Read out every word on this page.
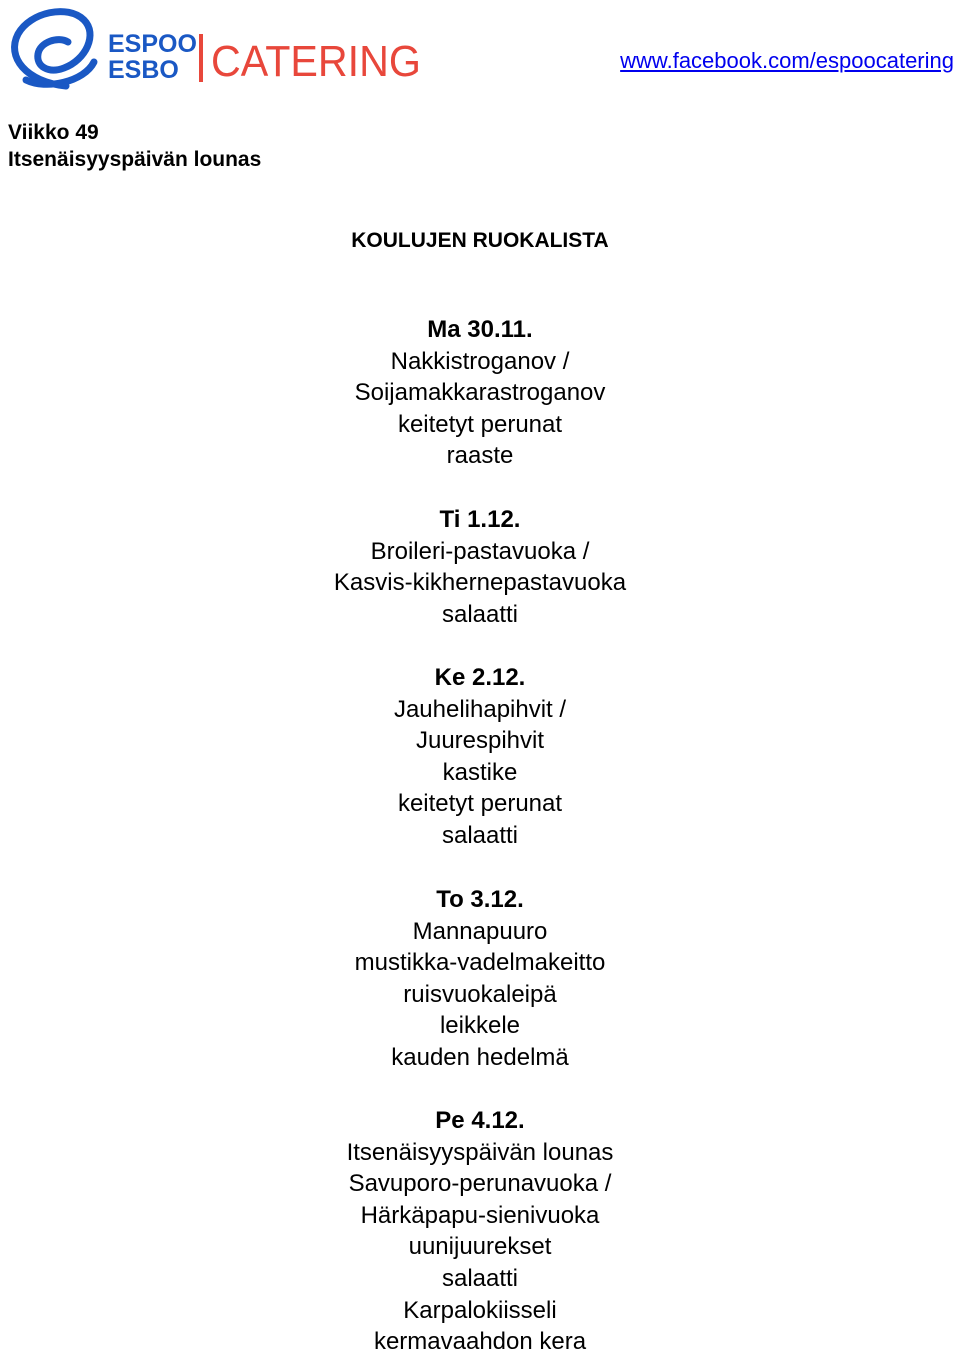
ESPOO
ESBO CATERING	www.facebook.com/espoocatering
Viikko 49
Itsenäisyyspäivän lounas
KOULUJEN RUOKALISTA
Ma 30.11.
Nakkistroganov /
Soijamakkarastroganov
keitetyt perunat
raaste
Ti 1.12.
Broileri-pastavuoka /
Kasvis-kikhernepastavuoka
salaatti
Ke 2.12.
Jauhelihapihvit /
Juurespihvit
kastike
keitetyt perunat
salaatti
To 3.12.
Mannapuuro
mustikka-vadelmakeitto
ruisvuokaleipä
leikkele
kauden hedelmä
Pe 4.12.
Itsenäisyyspäivän lounas
Savuporo-perunavuoka /
Härkäpapu-sienivuoka
uunijuurekset
salaatti
Karpalokiisseli
kermavaahdon kera
